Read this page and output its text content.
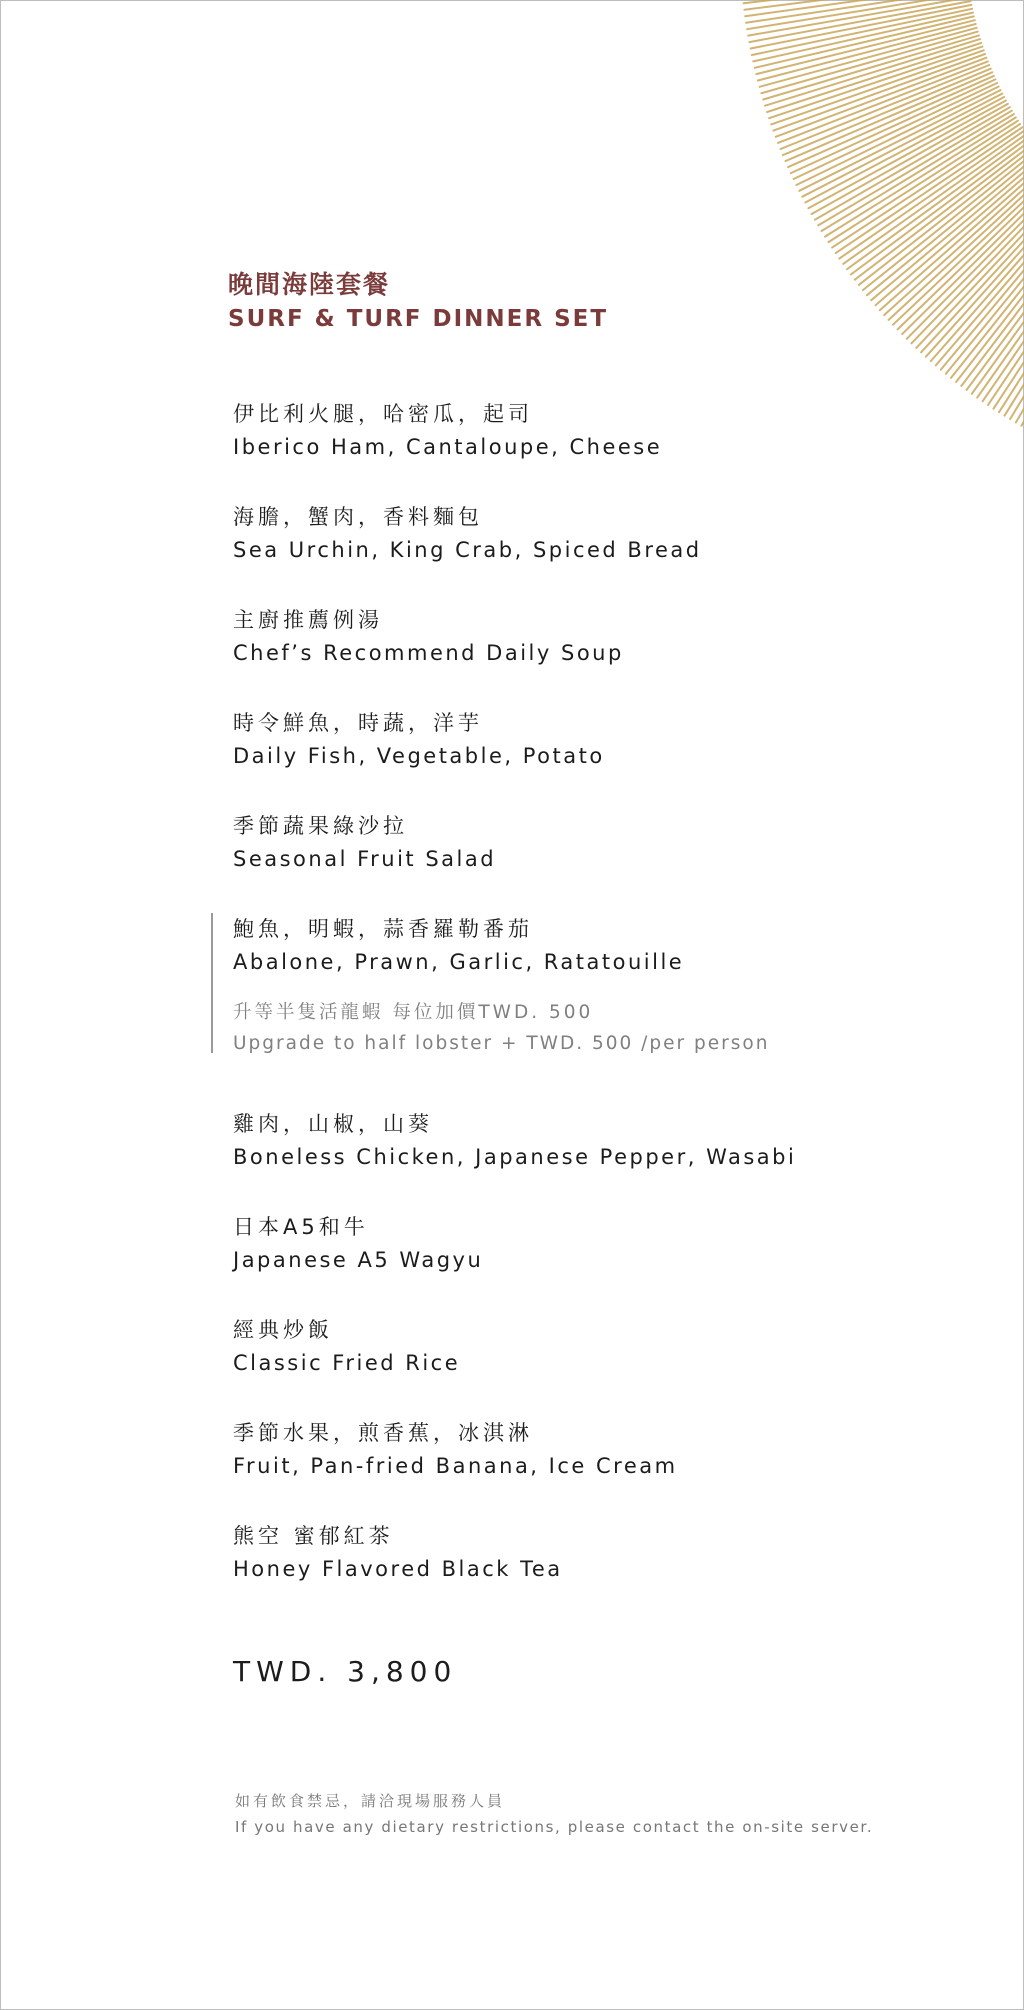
晚間海陸套餐
SURF & TURF DINNER SET
伊比利火腿，哈密瓜，起司
Iberico Ham, Cantaloupe, Cheese
海膽，蟹肉，香料麵包
Sea Urchin, King Crab, Spiced Bread
主廚推薦例湯
Chef’s Recommend Daily Soup
時令鮮魚，時蔬，洋芋
Daily Fish, Vegetable, Potato
季節蔬果綠沙拉
Seasonal Fruit Salad
鮑魚，明蝦，蒜香羅勒番茄
Abalone, Prawn, Garlic, Ratatouille
升等半隻活龍蝦 每位加價TWD. 500
Upgrade to half lobster + TWD. 500 /per person
雞肉，山椒，山葵
Boneless Chicken, Japanese Pepper, Wasabi
日本A5和牛
Japanese A5 Wagyu
經典炒飯
Classic Fried Rice
季節水果，煎香蕉，冰淇淋
Fruit, Pan-fried Banana, Ice Cream
熊空 蜜郁紅茶
Honey Flavored Black Tea
TWD. 3,800
如有飲食禁忌，請洽現場服務人員
If you have any dietary restrictions, please contact the on-site server.
